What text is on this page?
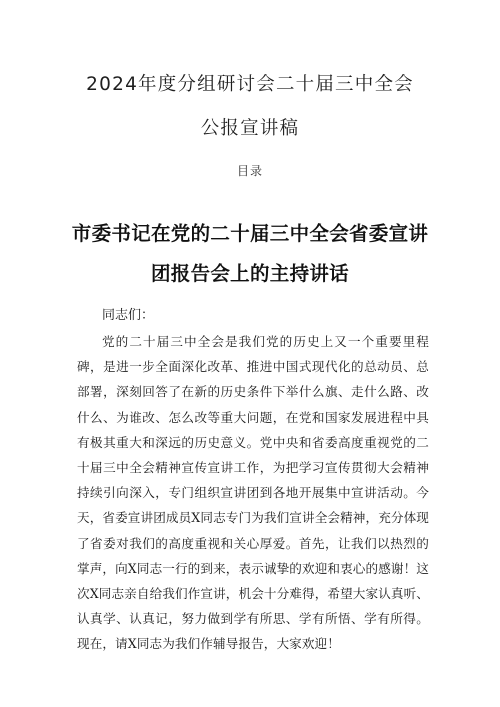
2024年度分组研讨会二十届三中全会
公报宣讲稿
目录
市委书记在党的二十届三中全会省委宣讲
团报告会上的主持讲话
同志们：

党的二十届三中全会是我们党的历史上又一个重要里程碑，是进一步全面深化改革、推进中国式现代化的总动员、总部署，深刻回答了在新的历史条件下举什么旗、走什么路、改什么、为谁改、怎么改等重大问题，在党和国家发展进程中具有极其重大和深远的历史意义。党中央和省委高度重视党的二十届三中全会精神宣传宣讲工作，为把学习宣传贯彻大会精神持续引向深入，专门组织宣讲团到各地开展集中宣讲活动。今天，省委宣讲团成员X同志专门为我们宣讲全会精神，充分体现了省委对我们的高度重视和关心厚爱。首先，让我们以热烈的掌声，向X同志一行的到来，表示诚挚的欢迎和衷心的感谢！这次X同志亲自给我们作宣讲，机会十分难得，希望大家认真听、认真学、认真记，努力做到学有所思、学有所悟、学有所得。现在，请X同志为我们作辅导报告，大家欢迎！
